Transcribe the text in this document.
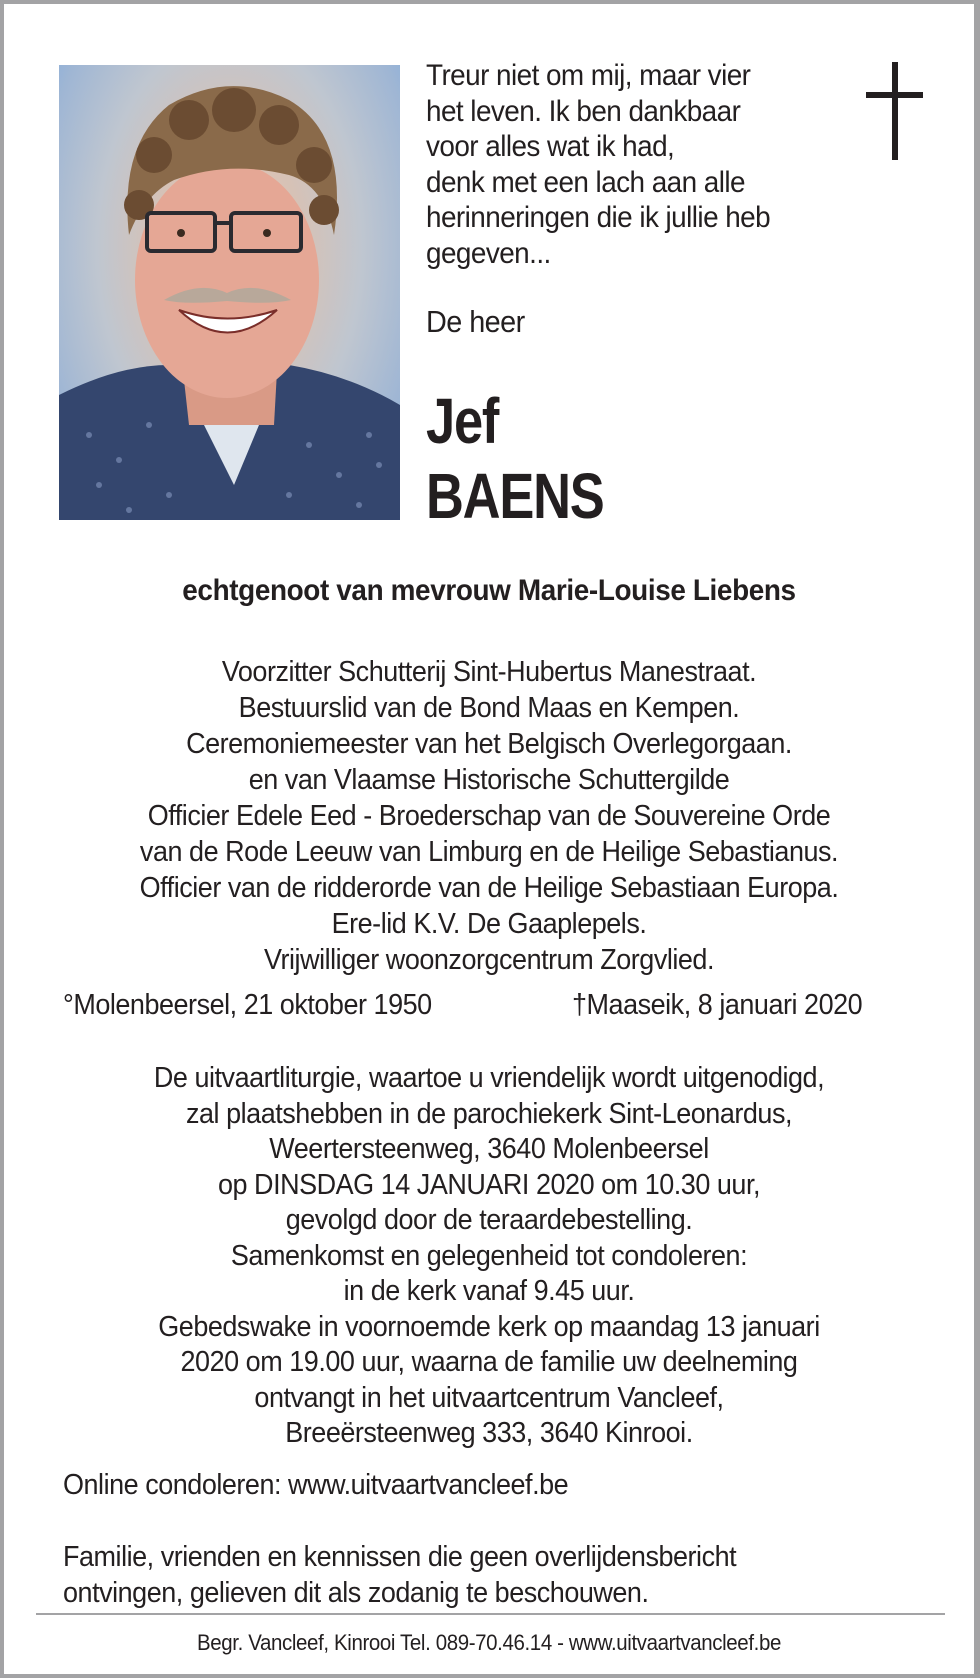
Treur niet om mij, maar vier
het leven. Ik ben dankbaar
voor alles wat ik had,
denk met een lach aan alle
herinneringen die ik jullie heb
gegeven...
De heer
Jef
BAENS
echtgenoot van mevrouw Marie-Louise Liebens
Voorzitter Schutterij Sint-Hubertus Manestraat.
Bestuurslid van de Bond Maas en Kempen.
Ceremoniemeester van het Belgisch Overlegorgaan.
en van Vlaamse Historische Schuttergilde
Officier Edele Eed - Broederschap van de Souvereine Orde
van de Rode Leeuw van Limburg en de Heilige Sebastianus.
Officier van de ridderorde van de Heilige Sebastiaan Europa.
Ere-lid K.V. De Gaaplepels.
Vrijwilliger woonzorgcentrum Zorgvlied.
°Molenbeersel, 21 oktober 1950	†Maaseik, 8 januari 2020
De uitvaartliturgie, waartoe u vriendelijk wordt uitgenodigd,
zal plaatshebben in de parochiekerk Sint-Leonardus,
Weertersteenweg, 3640 Molenbeersel
op DINSDAG 14 JANUARI 2020 om 10.30 uur,
gevolgd door de teraardebestelling.
Samenkomst en gelegenheid tot condoleren:
in de kerk vanaf 9.45 uur.
Gebedswake in voornoemde kerk op maandag 13 januari
2020 om 19.00 uur, waarna de familie uw deelneming
ontvangt in het uitvaartcentrum Vancleef,
Breeërsteenweg 333, 3640 Kinrooi.
Online condoleren: www.uitvaartvancleef.be
Familie, vrienden en kennissen die geen overlijdensbericht
ontvingen, gelieven dit als zodanig te beschouwen.
Begr. Vancleef, Kinrooi Tel. 089-70.46.14 - www.uitvaartvancleef.be
